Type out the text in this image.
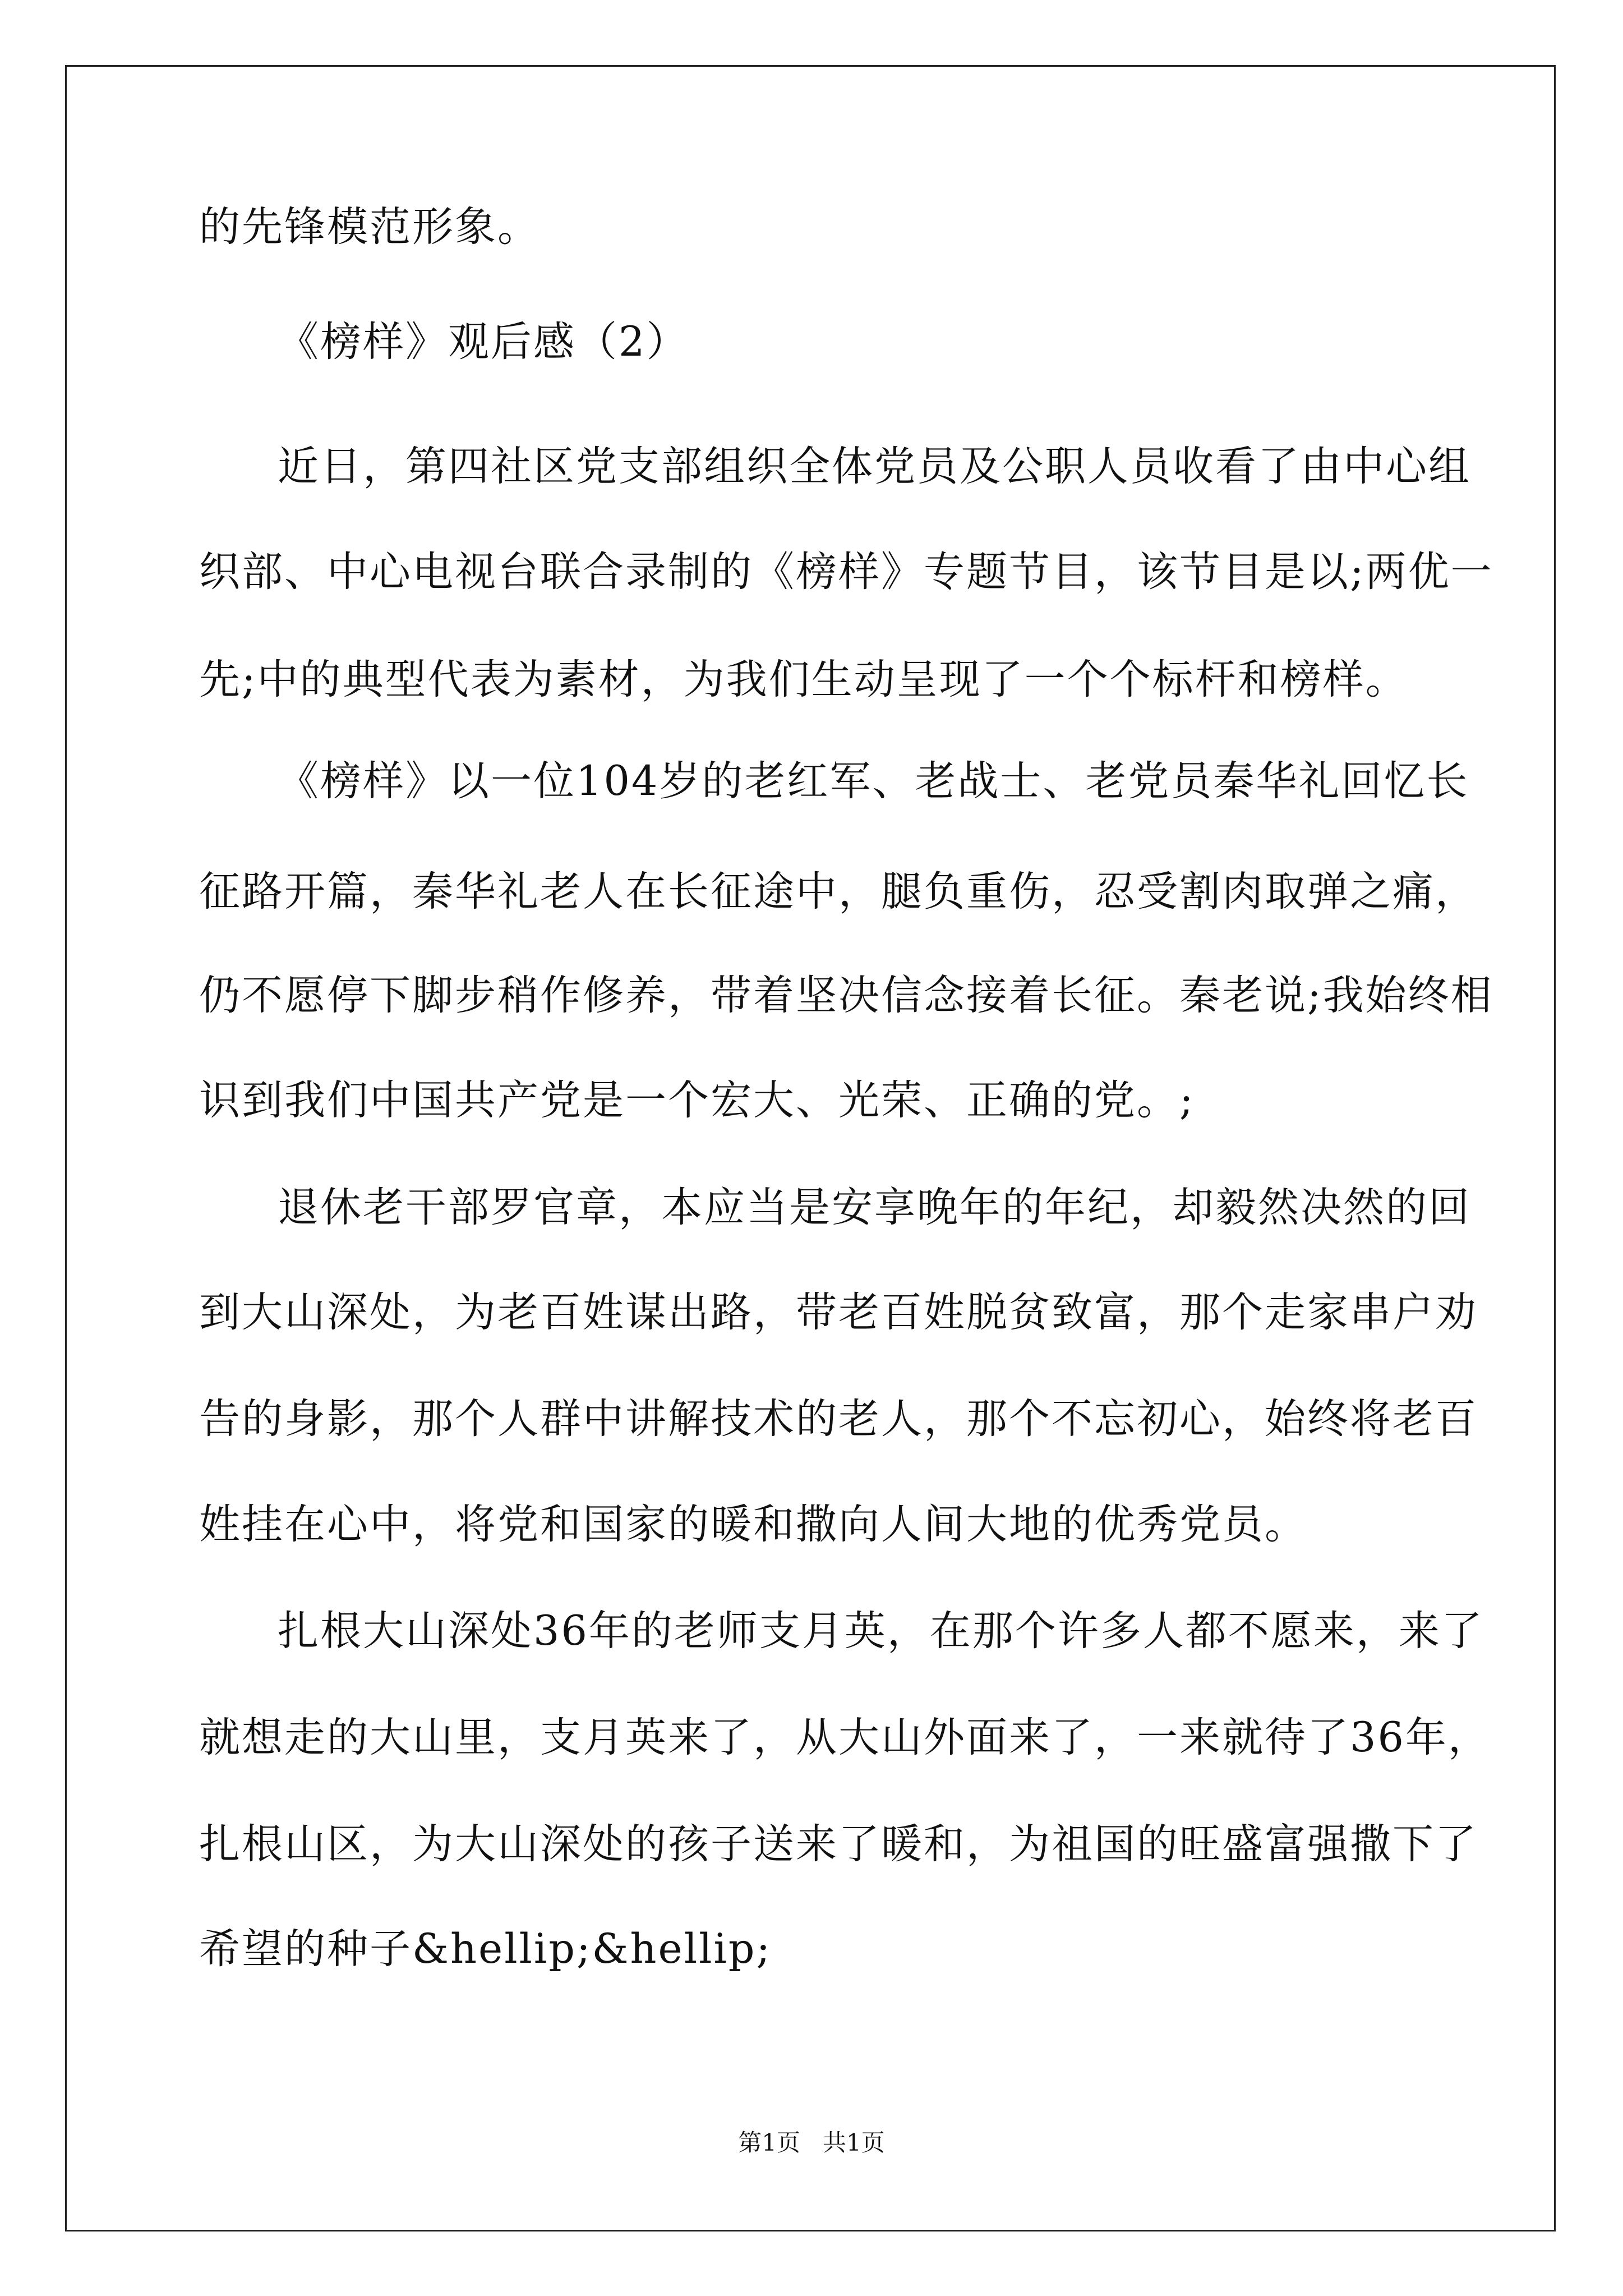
的先锋模范形象。
《榜样》观后感（2）
近日，第四社区党支部组织全体党员及公职人员收看了由中心组
织部、中心电视台联合录制的《榜样》专题节目，该节目是以;两优一
先;中的典型代表为素材，为我们生动呈现了一个个标杆和榜样。
《榜样》以一位104岁的老红军、老战士、老党员秦华礼回忆长
征路开篇，秦华礼老人在长征途中，腿负重伤，忍受割肉取弹之痛，
仍不愿停下脚步稍作修养，带着坚决信念接着长征。秦老说;我始终相
识到我们中国共产党是一个宏大、光荣、正确的党。;
退休老干部罗官章，本应当是安享晚年的年纪，却毅然决然的回
到大山深处，为老百姓谋出路，带老百姓脱贫致富，那个走家串户劝
告的身影，那个人群中讲解技术的老人，那个不忘初心，始终将老百
姓挂在心中，将党和国家的暖和撒向人间大地的优秀党员。
扎根大山深处36年的老师支月英，在那个许多人都不愿来，来了
就想走的大山里，支月英来了，从大山外面来了，一来就待了36年，
扎根山区，为大山深处的孩子送来了暖和，为祖国的旺盛富强撒下了
希望的种子&hellip;&hellip;
第1页   共1页
